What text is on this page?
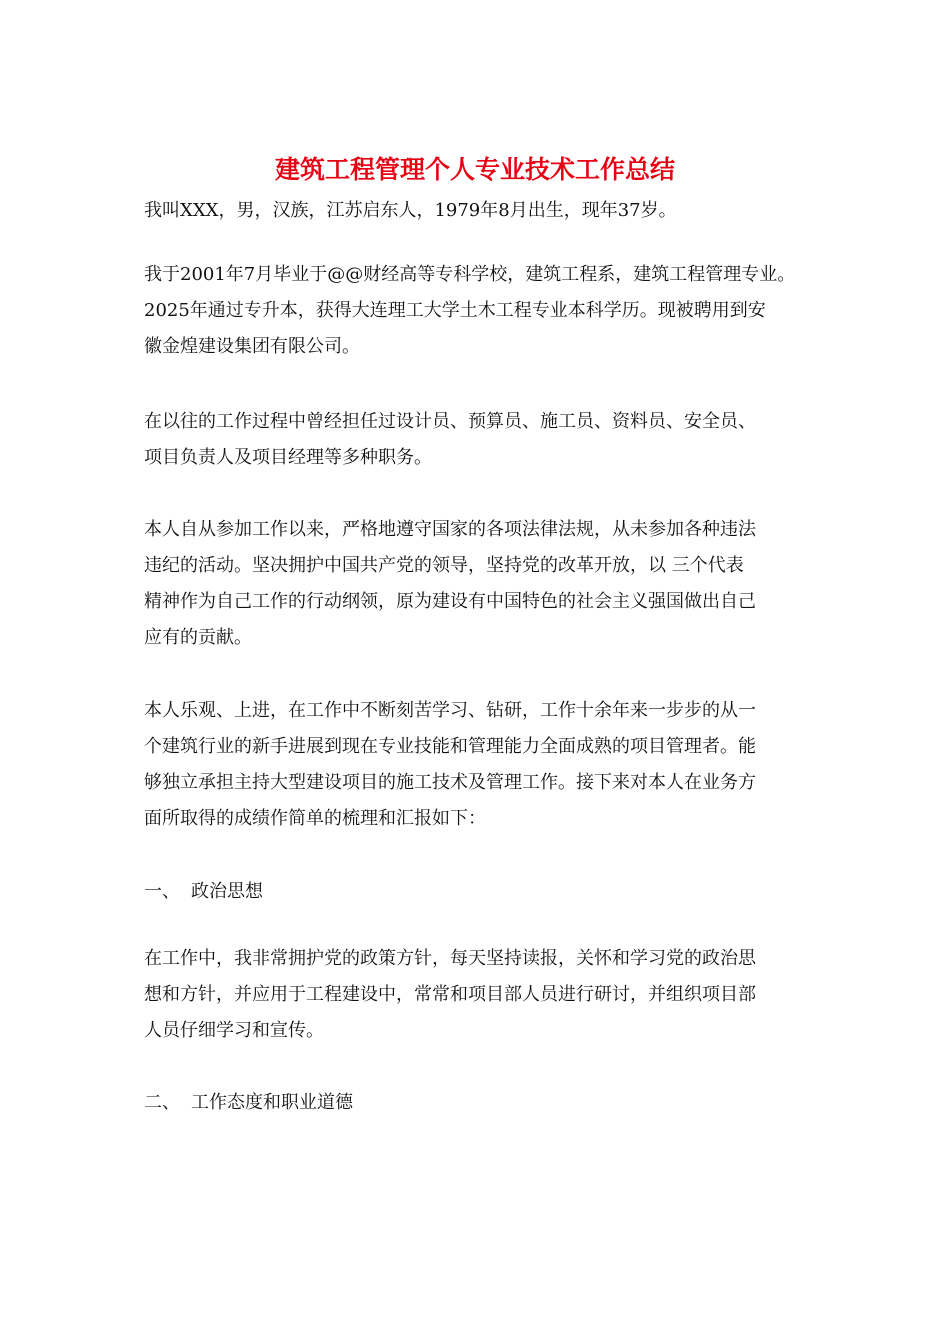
建筑工程管理个人专业技术工作总结

我叫XXX，男，汉族，江苏启东人，1979年8月出生，现年37岁。

我于2001年7月毕业于@@财经高等专科学校，建筑工程系，建筑工程管理专业。
2025年通过专升本，获得大连理工大学土木工程专业本科学历。现被聘用到安
徽金煌建设集团有限公司。

在以往的工作过程中曾经担任过设计员、预算员、施工员、资料员、安全员、
项目负责人及项目经理等多种职务。

本人自从参加工作以来，严格地遵守国家的各项法律法规，从未参加各种违法
违纪的活动。坚决拥护中国共产党的领导，坚持党的改革开放，以 三个代表
精神作为自己工作的行动纲领，原为建设有中国特色的社会主义强国做出自己
应有的贡献。

本人乐观、上进，在工作中不断刻苦学习、钻研，工作十余年来一步步的从一
个建筑行业的新手进展到现在专业技能和管理能力全面成熟的项目管理者。能
够独立承担主持大型建设项目的施工技术及管理工作。接下来对本人在业务方
面所取得的成绩作简单的梳理和汇报如下：

一、 政治思想

在工作中，我非常拥护党的政策方针，每天坚持读报，关怀和学习党的政治思
想和方针，并应用于工程建设中，常常和项目部人员进行研讨，并组织项目部
人员仔细学习和宣传。

二、 工作态度和职业道德
